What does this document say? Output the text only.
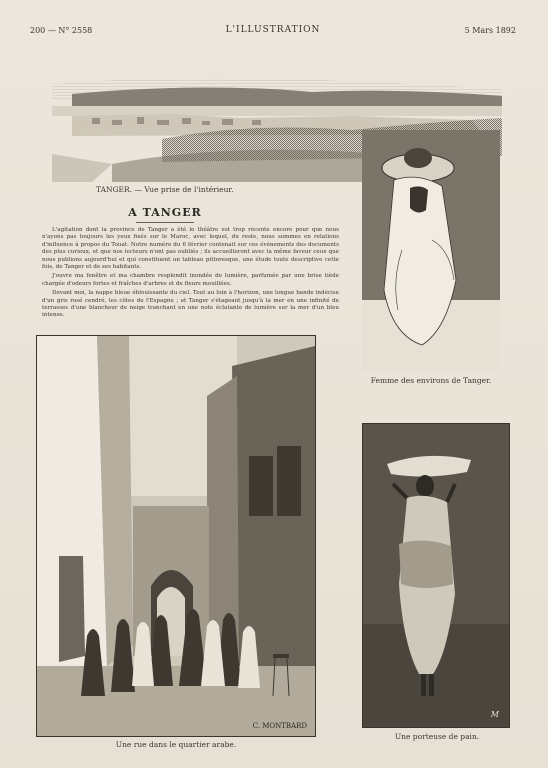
200 — N° 2558	L'ILLUSTRATION	5 Mars 1892
TANGER. — Vue prise de l'intérieur.
Femme des environs de Tanger.
A TANGER

L'agitation dont la province de Tanger a été le théâtre est trop récente encore pour que nous n'ayons pas toujours les yeux fixés sur le Maroc, avec lequel, du reste, nous sommes en relations d'influence à propos du Touat. Notre numéro du 6 février contenait sur ces événements des documents des plus curieux, et que nos lecteurs n'ont pas oubliés ; ils accueilleront avec la même faveur ceux que nous publions aujourd'hui et qui constituent un tableau pittoresque, une étude toute descriptive cette fois, de Tanger et de ses habitants.

J'ouvre ma fenêtre et ma chambre resplendit inondée de lumière, parfumée par une brise tiède chargée d'odeurs fortes et fraîches d'arbres et de fleurs mouillées.

Devant moi, la nappe bleue éblouissante du ciel. Tout au loin à l'horizon, une longue bande indécise d'un gris rosé cendré, les côtes de l'Espagne ; et Tanger s'étageant jusqu'à la mer en une infinité de terrasses d'une blancheur de neige tranchant en une note éclatante de lumière sur la mer d'un bleu intense.

C. MONTBARD
Une rue dans le quartier arabe.
M
Une porteuse de pain.
